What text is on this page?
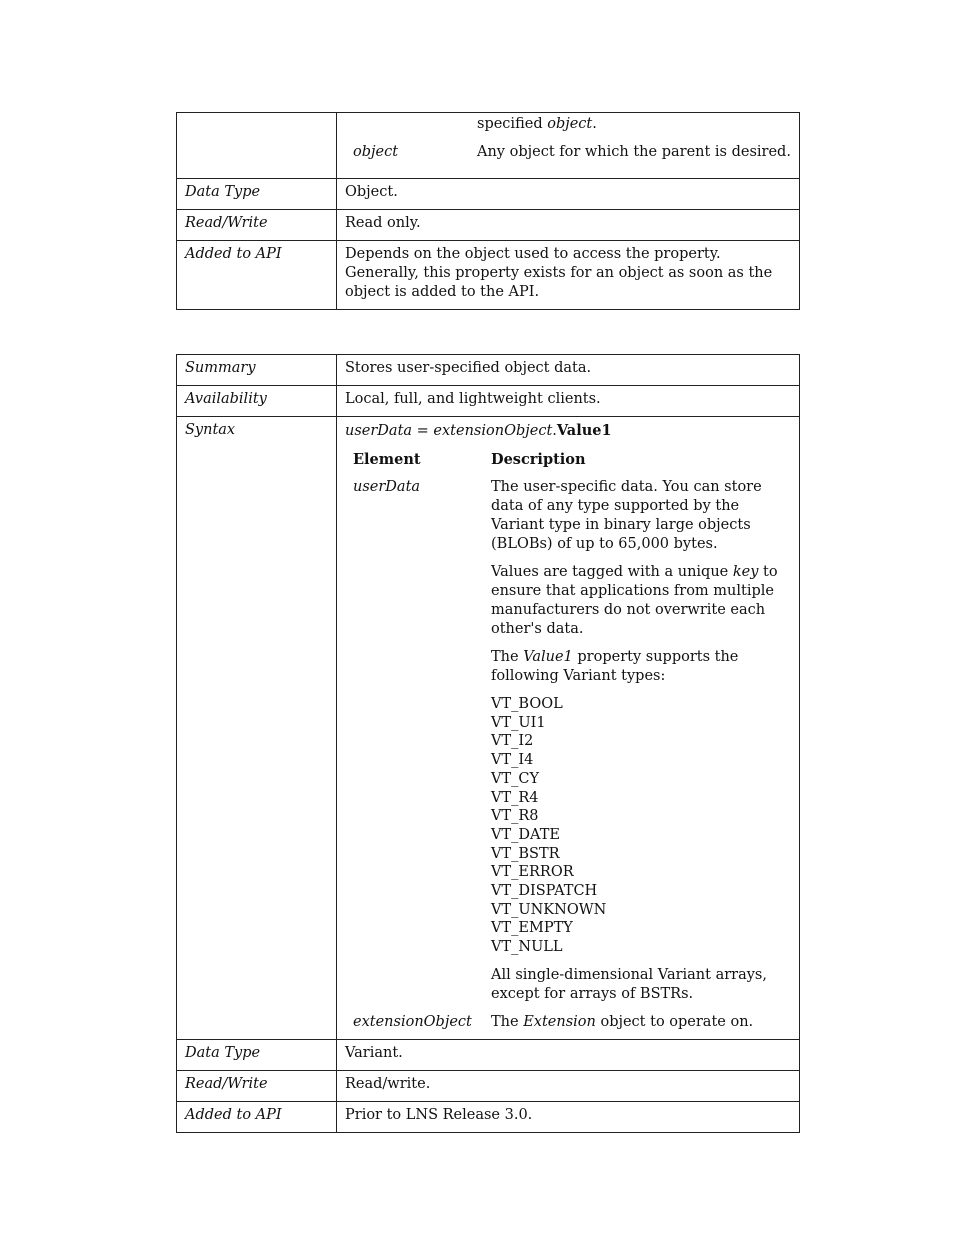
	specified object.
object	Any object for which the parent is desired.

Data Type	Object.
Read/Write	Read only.
Added to API	Depends on the object used to access the property. Generally, this property exists for an object as soon as the object is added to the API.
Summary	Stores user-specified object data.
Availability	Local, full, and lightweight clients.
Syntax	userData = extensionObject.Value1
Element	Description
userData	The user-specific data. You can store data of any type supported by the Variant type in binary large objects (BLOBs) of up to 65,000 bytes.

Values are tagged with a unique key to ensure that applications from multiple manufacturers do not overwrite each other's data.

The Value1 property supports the following Variant types:

VT_BOOL
VT_UI1
VT_I2
VT_I4
VT_CY
VT_R4
VT_R8
VT_DATE
VT_BSTR
VT_ERROR
VT_DISPATCH
VT_UNKNOWN
VT_EMPTY
VT_NULL

All single-dimensional Variant arrays, except for arrays of BSTRs.

extensionObject	The Extension object to operate on.

Data Type	Variant.
Read/Write	Read/write.
Added to API	Prior to LNS Release 3.0.
